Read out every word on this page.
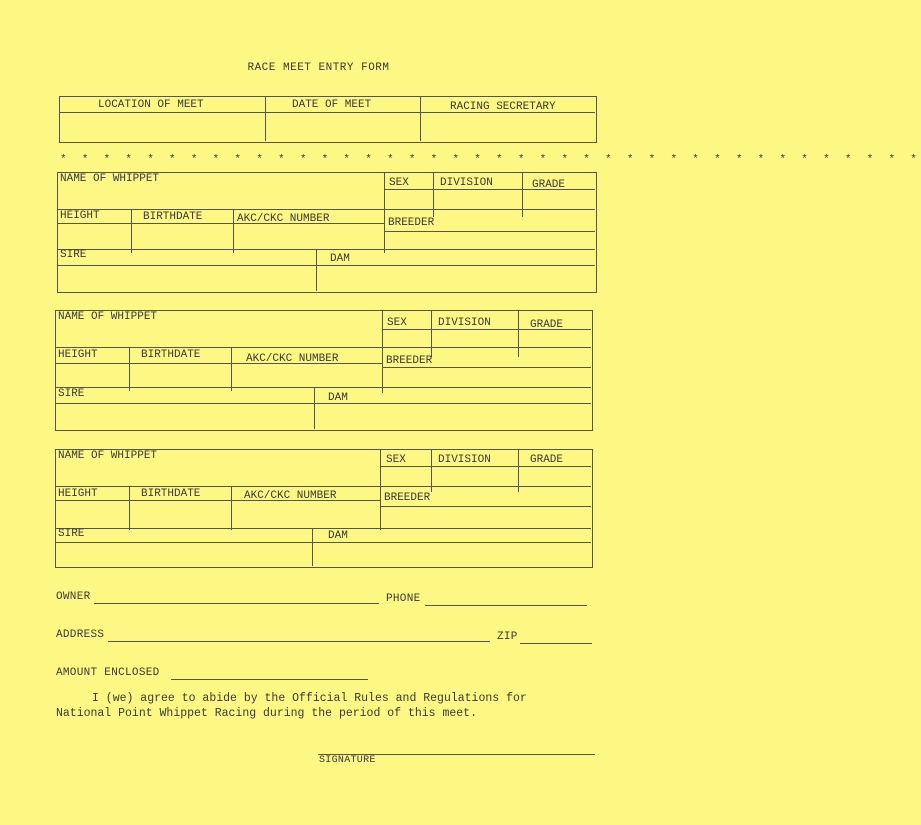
RACE MEET ENTRY FORM
LOCATION OF MEET	DATE OF MEET	RACING SECRETARY
* * * * * * * * * * * * * * * * * * * * * * * * * * * * * * * * * * * * * * * *
NAME OF WHIPPET	SEX	DIVISION	GRADE
HEIGHT	BIRTHDATE	AKC/CKC NUMBER	BREEDER
SIRE	DAM
NAME OF WHIPPET	SEX	DIVISION	GRADE
HEIGHT	BIRTHDATE	AKC/CKC NUMBER	BREEDER
SIRE	DAM
NAME OF WHIPPET	SEX	DIVISION	GRADE
HEIGHT	BIRTHDATE	AKC/CKC NUMBER	BREEDER
SIRE	DAM
OWNER	PHONE
ADDRESS	ZIP
AMOUNT ENCLOSED
I (we) agree to abide by the Official Rules and Regulations for
National Point Whippet Racing during the period of this meet.
SIGNATURE
